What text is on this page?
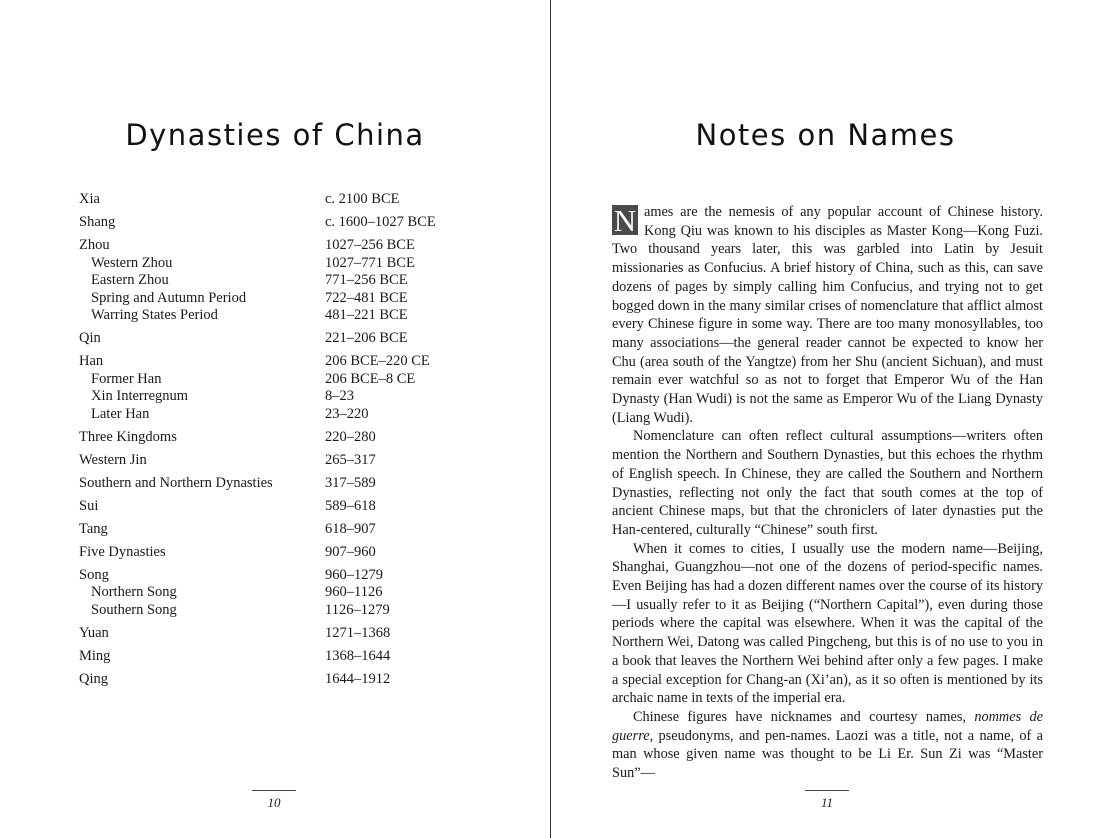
Dynasties of China
Xia	c. 2100 BCE
Shang	c. 1600–1027 BCE
Zhou	1027–256 BCE
Western Zhou	1027–771 BCE
Eastern Zhou	771–256 BCE
Spring and Autumn Period	722–481 BCE
Warring States Period	481–221 BCE
Qin	221–206 BCE
Han	206 BCE–220 CE
Former Han	206 BCE–8 CE
Xin Interregnum	8–23
Later Han	23–220
Three Kingdoms	220–280
Western Jin	265–317
Southern and Northern Dynasties	317–589
Sui	589–618
Tang	618–907
Five Dynasties	907–960
Song	960–1279
Northern Song	960–1126
Southern Song	1126–1279
Yuan	1271–1368
Ming	1368–1644
Qing	1644–1912
10
Notes on Names
11

N ames are the nemesis of any popular account of Chinese history. Kong Qiu was known to his disciples as Master Kong—Kong Fuzi. Two thousand years later, this was garbled into Latin by Jesuit missionaries as Confucius. A brief history of China, such as this, can save dozens of pages by simply calling him Confucius, and trying not to get bogged down in the many similar crises of nomenclature that afflict almost every Chinese figure in some way. There are too many monosyllables, too many associations—the general reader cannot be expected to know her Chu (area south of the Yangtze) from her Shu (ancient Sichuan), and must remain ever watchful so as not to forget that Emperor Wu of the Han Dynasty (Han Wudi) is not the same as Emperor Wu of the Liang Dynasty (Liang Wudi).

Nomenclature can often reflect cultural assumptions—writers often mention the Northern and Southern Dynasties, but this echoes the rhythm of English speech. In Chinese, they are called the Southern and Northern Dynasties, reflecting not only the fact that south comes at the top of ancient Chinese maps, but that the chroniclers of later dynasties put the Han-centered, culturally “Chinese” south first.

When it comes to cities, I usually use the modern name—Beijing, Shanghai, Guangzhou—not one of the dozens of period-specific names. Even Beijing has had a dozen different names over the course of its history—I usually refer to it as Beijing (“Northern Capital”), even during those periods where the capital was elsewhere. When it was the capital of the Northern Wei, Datong was called Pingcheng, but this is of no use to you in a book that leaves the Northern Wei behind after only a few pages. I make a special exception for Chang-an (Xi’an), as it so often is mentioned by its archaic name in texts of the imperial era.

Chinese figures have nicknames and courtesy names, nommes de guerre, pseudonyms, and pen-names. Laozi was a title, not a name, of a man whose given name was thought to be Li Er. Sun Zi was “Master Sun”—
